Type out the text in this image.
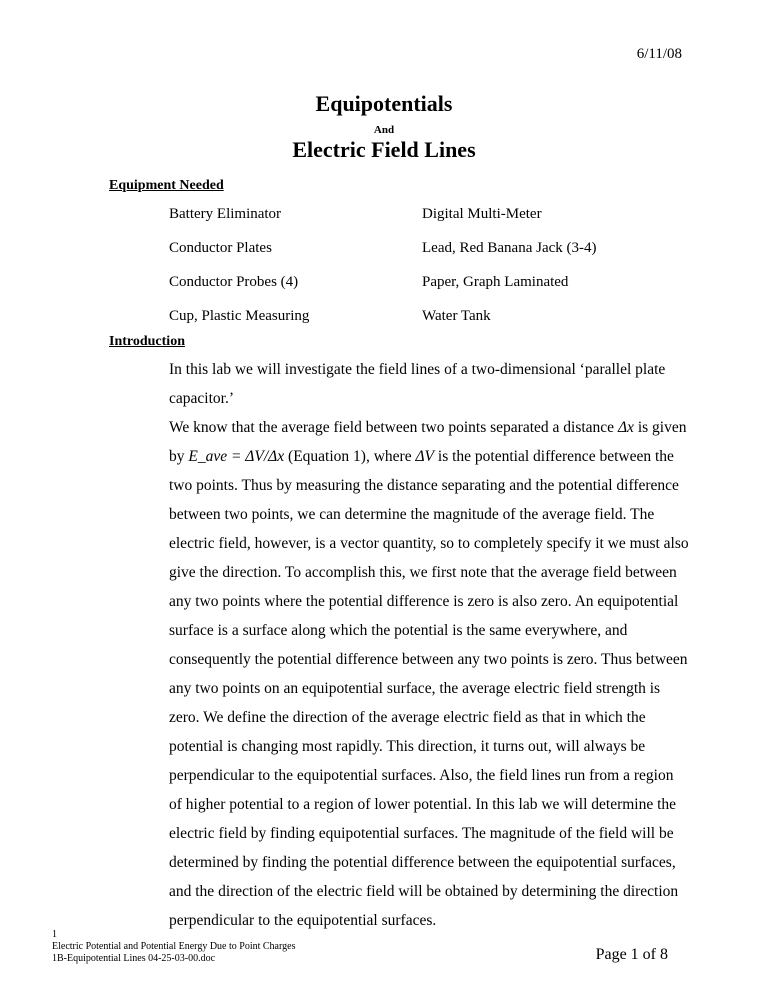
6/11/08
Equipotentials
And
Electric Field Lines
Equipment Needed
Battery Eliminator	Digital Multi-Meter
Conductor Plates	Lead, Red Banana Jack (3-4)
Conductor Probes (4)	Paper, Graph Laminated
Cup, Plastic Measuring	Water Tank
Introduction

In this lab we will investigate the field lines of a two-dimensional ‘parallel plate capacitor.’

We know that the average field between two points separated a distance Δx is given by E_ave = ΔV/Δx (Equation 1), where ΔV is the potential difference between the two points. Thus by measuring the distance separating and the potential difference between two points, we can determine the magnitude of the average field. The electric field, however, is a vector quantity, so to completely specify it we must also give the direction. To accomplish this, we first note that the average field between any two points where the potential difference is zero is also zero. An equipotential surface is a surface along which the potential is the same everywhere, and consequently the potential difference between any two points is zero. Thus between any two points on an equipotential surface, the average electric field strength is zero. We define the direction of the average electric field as that in which the potential is changing most rapidly. This direction, it turns out, will always be perpendicular to the equipotential surfaces. Also, the field lines run from a region of higher potential to a region of lower potential. In this lab we will determine the electric field by finding equipotential surfaces. The magnitude of the field will be determined by finding the potential difference between the equipotential surfaces, and the direction of the electric field will be obtained by determining the direction perpendicular to the equipotential surfaces.

1
Electric Potential and Potential Energy Due to Point Charges
1B-Equipotential Lines 04-25-03-00.doc	Page 1 of 8
